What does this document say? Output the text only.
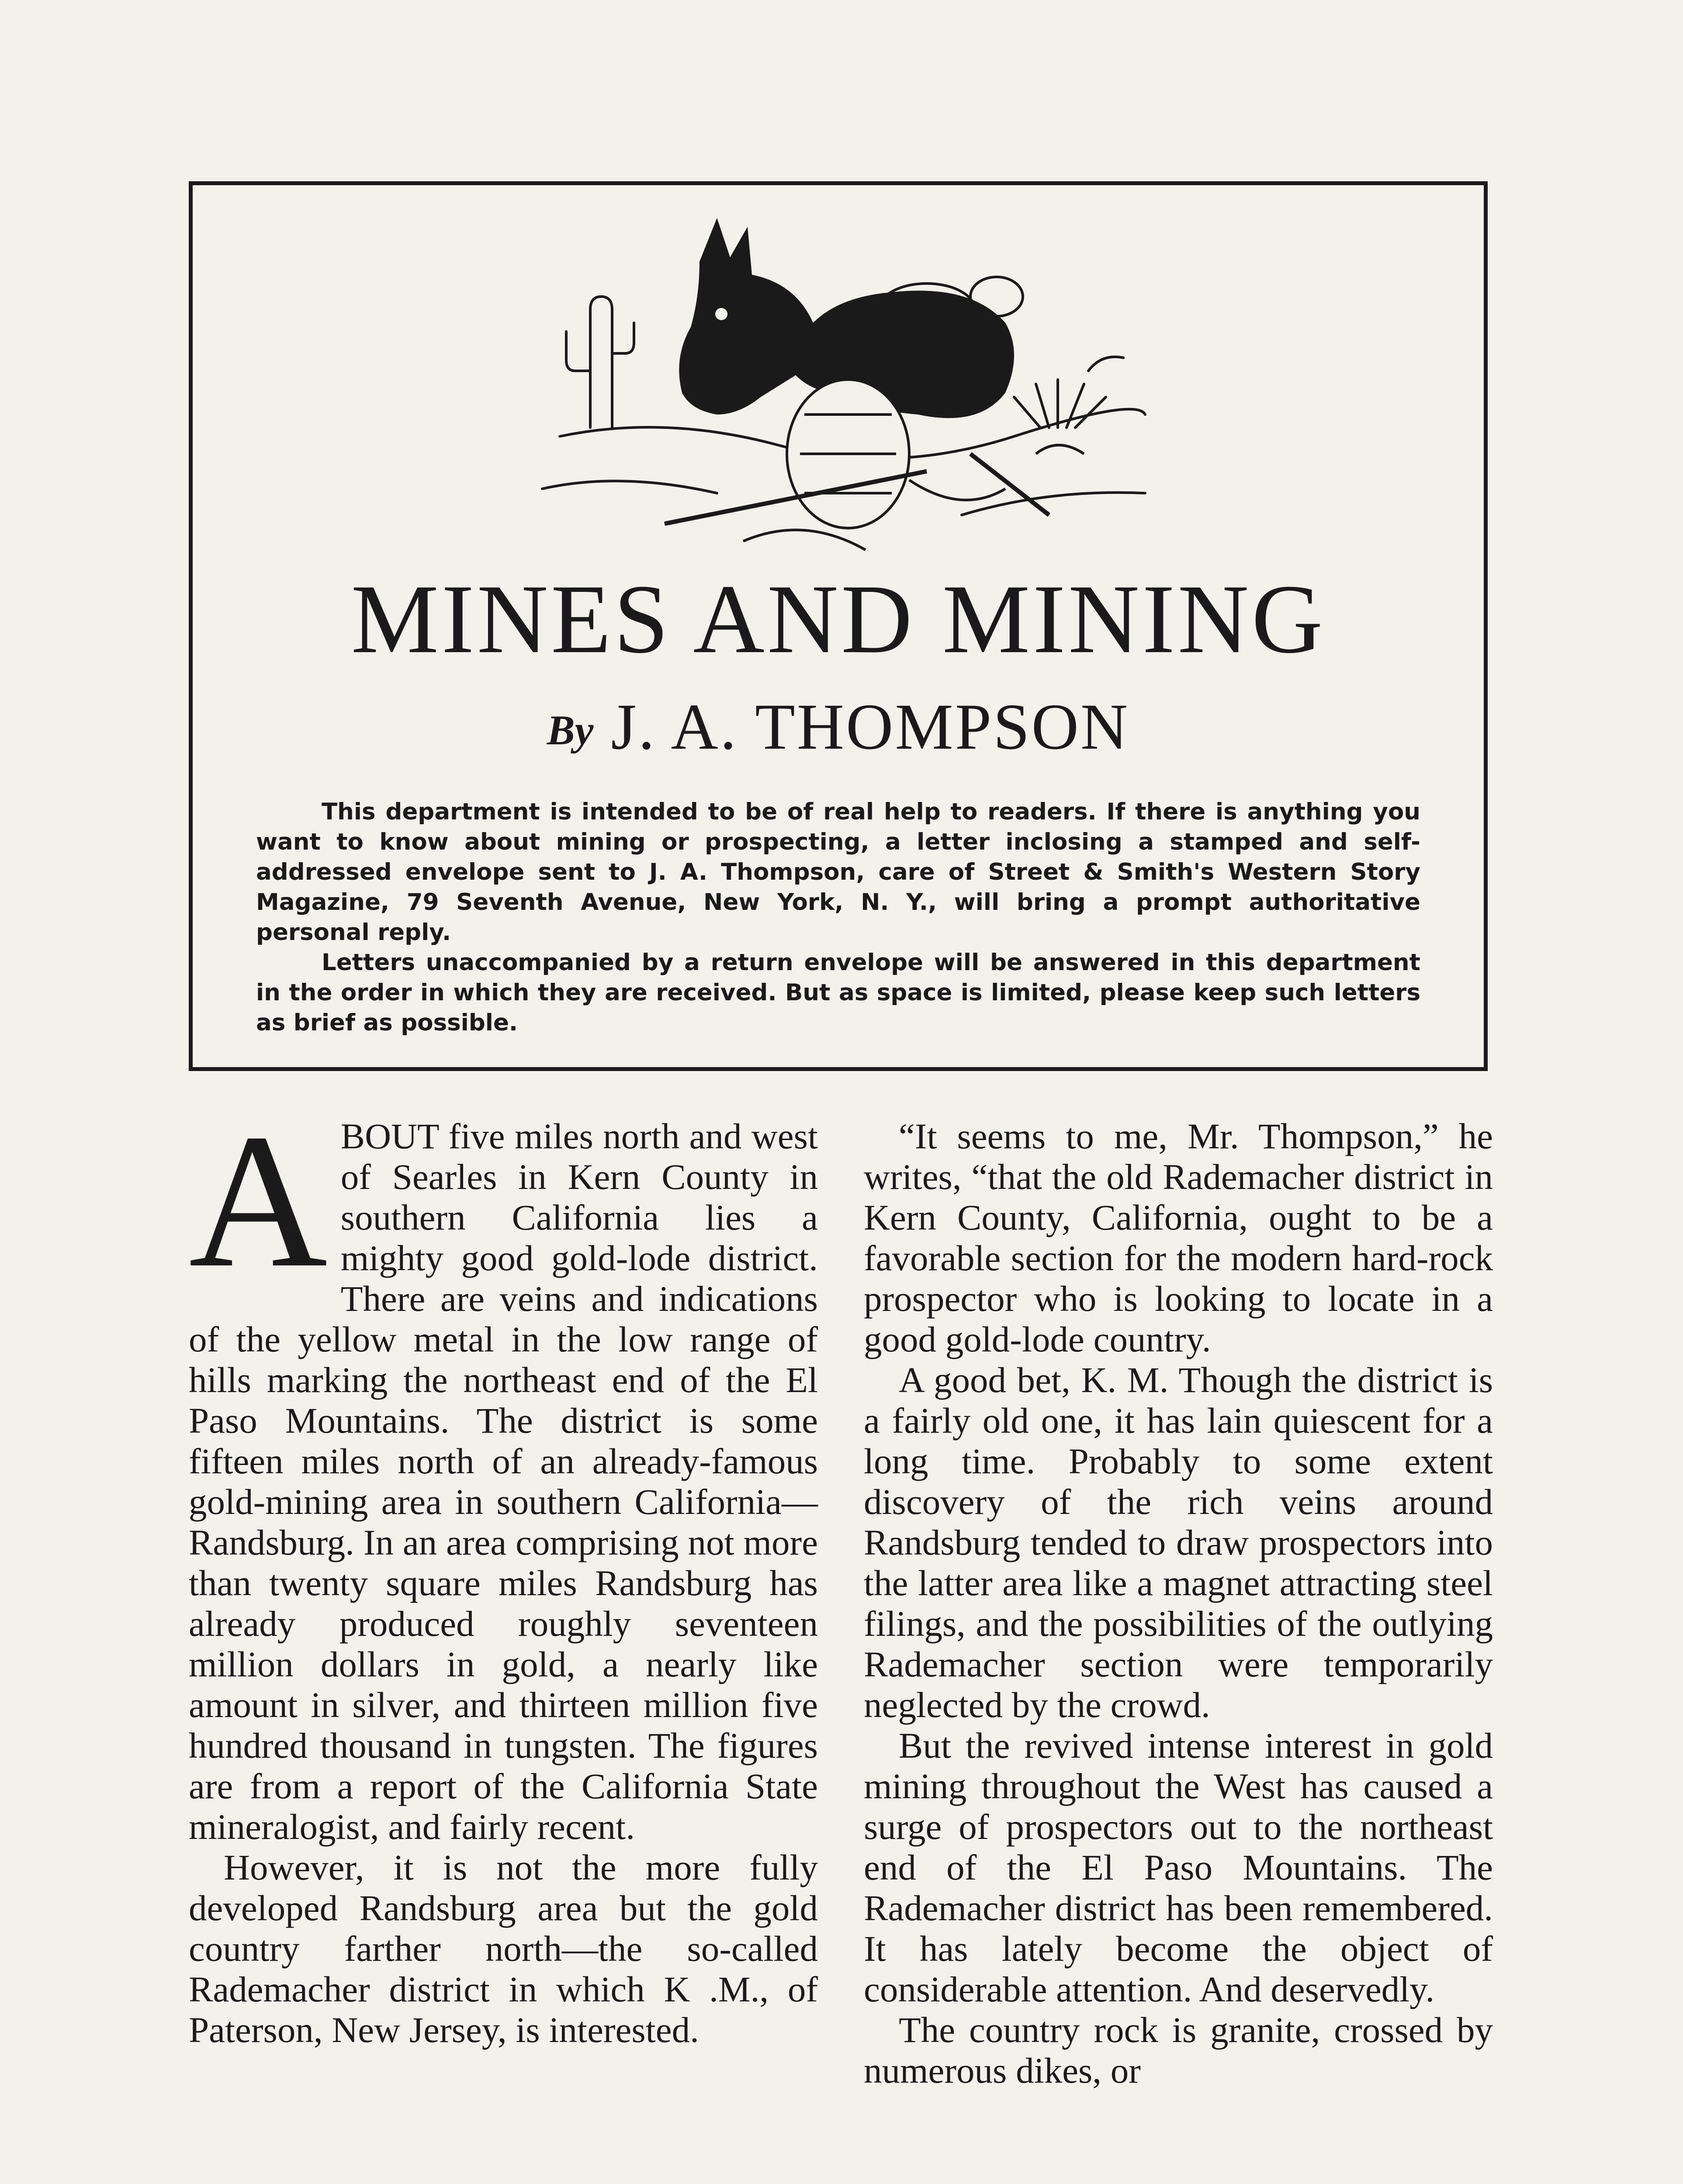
MINES AND MINING
By J. A. THOMPSON

This department is intended to be of real help to readers. If there is anything you want to know about mining or prospecting, a letter inclosing a stamped and self-addressed envelope sent to J. A. Thompson, care of Street & Smith's Western Story Magazine, 79 Seventh Avenue, New York, N. Y., will bring a prompt authoritative personal reply.

Letters unaccompanied by a return envelope will be answered in this department in the order in which they are received. But as space is limited, please keep such letters as brief as possible.

ABOUT five miles north and west of Searles in Kern County in southern California lies a mighty good gold-lode district. There are veins and indications of the yellow metal in the low range of hills marking the northeast end of the El Paso Mountains. The district is some fifteen miles north of an already-famous gold-mining area in southern California—Randsburg. In an area comprising not more than twenty square miles Randsburg has already produced roughly seventeen million dollars in gold, a nearly like amount in silver, and thirteen million five hundred thousand in tungsten. The figures are from a report of the California State mineralogist, and fairly recent.

However, it is not the more fully developed Randsburg area but the gold country farther north—the so-called Rademacher district in which K .M., of Paterson, New Jersey, is interested.

“It seems to me, Mr. Thompson,” he writes, “that the old Rademacher district in Kern County, California, ought to be a favorable section for the modern hard-rock prospector who is looking to locate in a good gold-lode country.

A good bet, K. M. Though the district is a fairly old one, it has lain quiescent for a long time. Probably to some extent discovery of the rich veins around Randsburg tended to draw prospectors into the latter area like a magnet attracting steel filings, and the possibilities of the outlying Rademacher section were temporarily neglected by the crowd.

But the revived intense interest in gold mining throughout the West has caused a surge of prospectors out to the northeast end of the El Paso Mountains. The Rademacher district has been remembered. It has lately become the object of considerable attention. And deservedly.

The country rock is granite, crossed by numerous dikes, or
